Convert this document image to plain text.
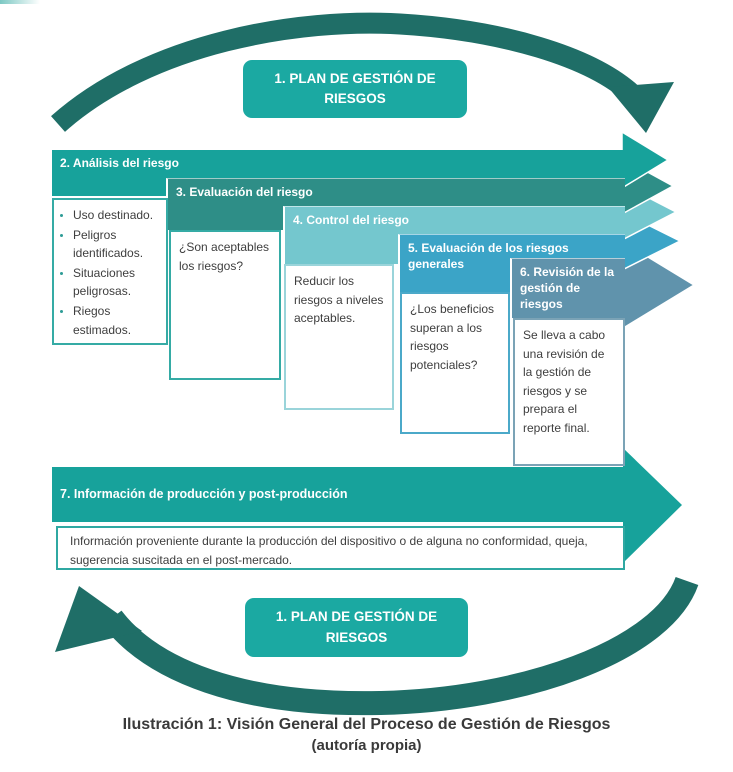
2. Análisis del riesgo
3. Evaluación del riesgo
4. Control del riesgo
5. Evaluación de los riesgos generales
6. Revisión de la gestión de riesgos
• Uso destinado.
• Peligros identificados.
• Situaciones peligrosas.
• Riegos estimados.
¿Son aceptables los riesgos?
Reducir los riesgos a niveles aceptables.
¿Los beneficios superan a los riesgos potenciales?
Se lleva a cabo una revisión de la gestión de riesgos y se prepara el reporte final.
7. Información de producción y post-producción
Información proveniente durante la producción del dispositivo o de alguna no conformidad, queja, sugerencia suscitada en el post-mercado.
1. PLAN DE GESTIÓN DE RIESGOS
1. PLAN DE GESTIÓN DE RIESGOS
Ilustración 1: Visión General del Proceso de Gestión de Riesgos
(autoría propia)
